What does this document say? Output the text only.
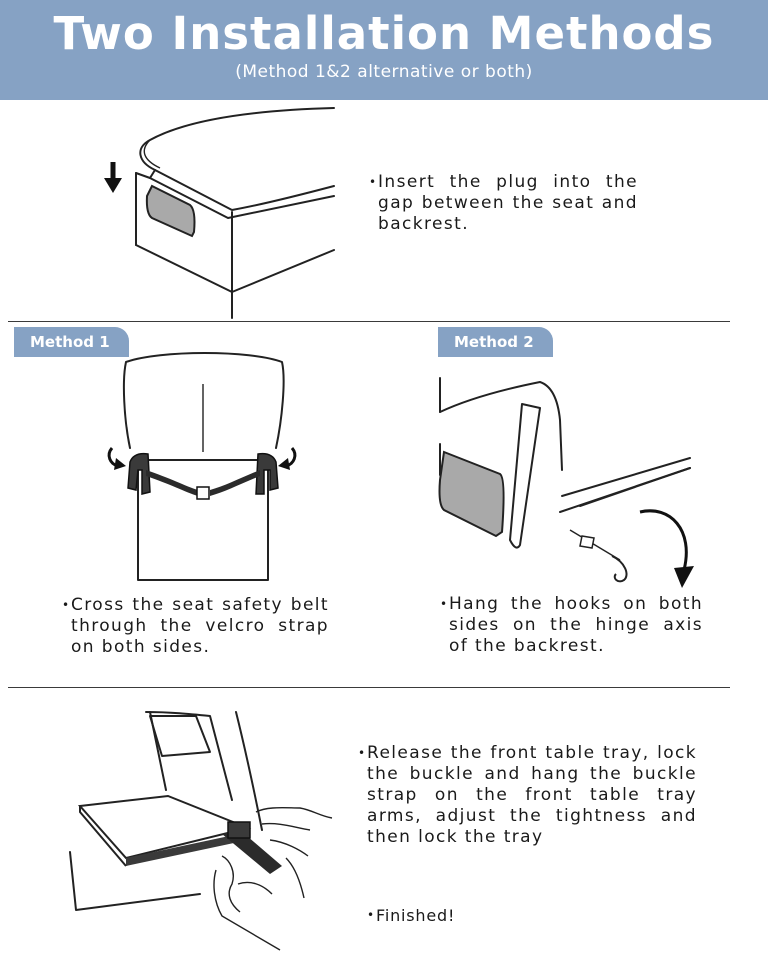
Two Installation Methods
(Method 1&2 alternative or both)
• Insert the plug into the gap between the seat and backrest.
Method 1	Method 2
• Cross the seat safety belt through the velcro strap on both sides.
• Hang the hooks on both sides on the hinge axis of the backrest.
• Release the front table tray, lock the buckle and hang the buckle strap on the front table tray arms, adjust the tightness and then lock the tray
• Finished!
